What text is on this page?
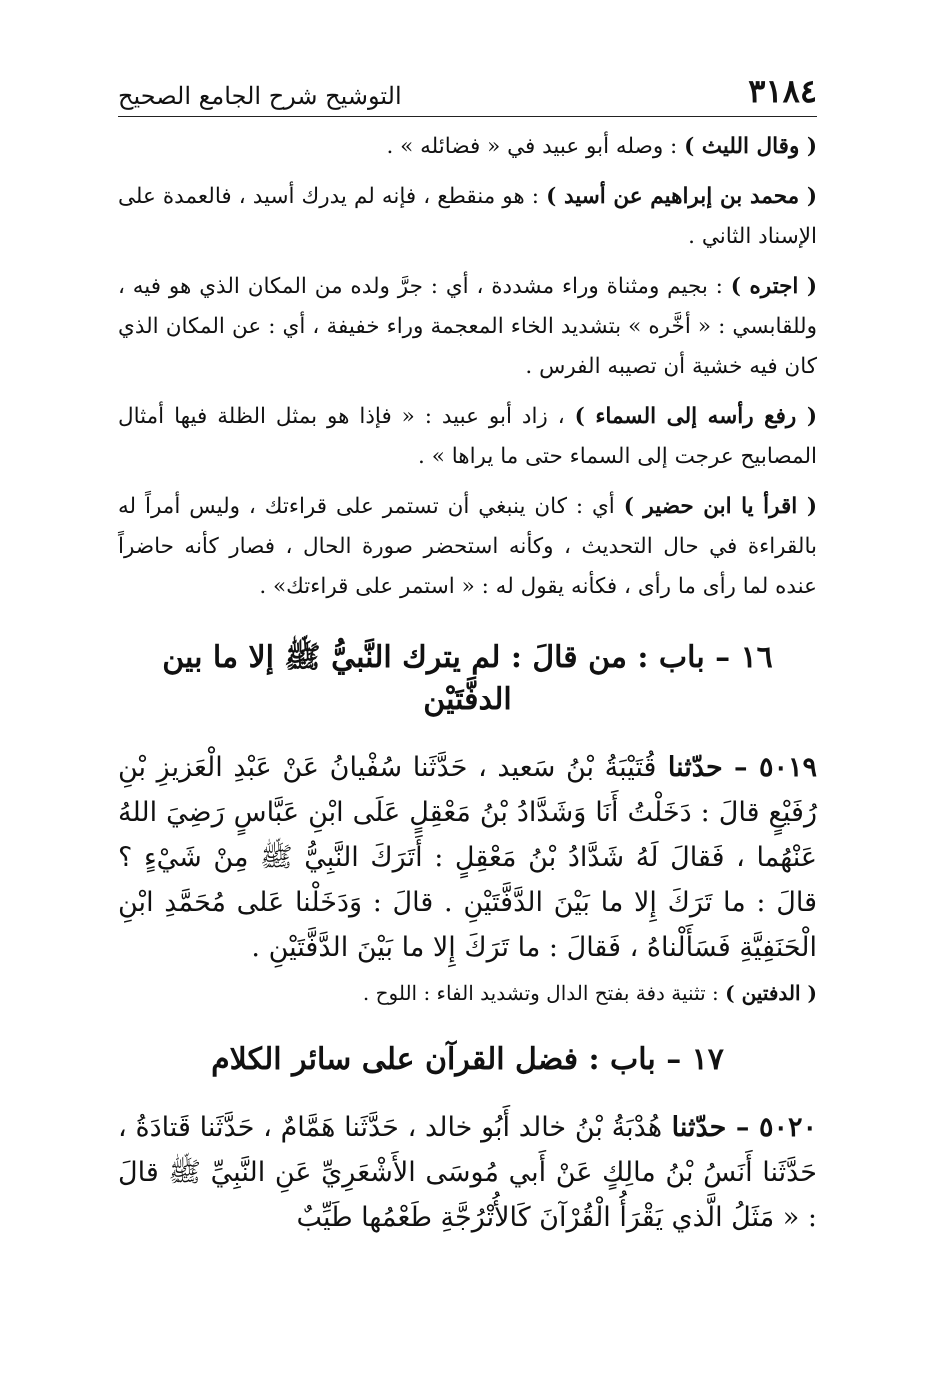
٣١٨٤
التوشيح شرح الجامع الصحيح

( وقال الليث ) : وصله أبو عبيد في « فضائله » .

( محمد بن إبراهيم عن أسيد ) : هو منقطع ، فإنه لم يدرك أسيد ، فالعمدة على الإسناد الثاني .

( اجتره ) : بجيم ومثناة وراء مشددة ، أي : جرَّ ولده من المكان الذي هو فيه ، وللقابسي : « أخَّره » بتشديد الخاء المعجمة وراء خفيفة ، أي : عن المكان الذي كان فيه خشية أن تصيبه الفرس .

( رفع رأسه إلى السماء ) ، زاد أبو عبيد : « فإذا هو بمثل الظلة فيها أمثال المصابيح عرجت إلى السماء حتى ما يراها » .

( اقرأ يا ابن حضير ) أي : كان ينبغي أن تستمر على قراءتك ، وليس أمراً له بالقراءة في حال التحديث ، وكأنه استحضر صورة الحال ، فصار كأنه حاضراً عنده لما رأى ما رأى ، فكأنه يقول له : « استمر على قراءتك» .

١٦ – باب : من قالَ : لم يترك النَّبيُّ ﷺ إلا ما بين الدفَّتَيْن
٥٠١٩ – حدّثنا قُتَيْبَةُ بْنُ سَعيد ، حَدَّثَنا سُفْيانُ عَنْ عَبْدِ الْعَزيزِ بْنِ رُفَيْعٍ قالَ : دَخَلْتُ أَنَا وَشَدَّادُ بْنُ مَعْقِلٍ عَلَى ابْنِ عَبَّاسٍ رَضِيَ اللهُ عَنْهُما ، فَقالَ لَهُ شَدَّادُ بْنُ مَعْقِلٍ : أَتَرَكَ النَّبِيُّ ﷺ مِنْ شَيْءٍ ؟ قالَ : ما تَرَكَ إِلا ما بَيْنَ الدَّفَّتَيْنِ . قالَ : وَدَخَلْنا عَلى مُحَمَّدِ ابْنِ الْحَنَفِيَّةِ فَسَأَلْناهُ ، فَقالَ : ما تَرَكَ إِلا ما بَيْنَ الدَّفَّتَيْنِ .
( الدفتين ) : تثنية دفة بفتح الدال وتشديد الفاء : اللوح .
١٧ – باب : فضل القرآن على سائر الكلام
٥٠٢٠ – حدّثنا هُدْبَةُ بْنُ خالد أَبُو خالد ، حَدَّثَنا هَمَّامٌ ، حَدَّثَنا قَتادَةُ ، حَدَّثَنا أَنَسُ بْنُ مالِكٍ عَنْ أَبي مُوسَى الأَشْعَرِيِّ عَنِ النَّبِيِّ ﷺ قالَ : « مَثَلُ الَّذي يَقْرَأُ الْقُرْآنَ كَالأُتْرُجَّةِ طَعْمُها طَيِّبٌ
